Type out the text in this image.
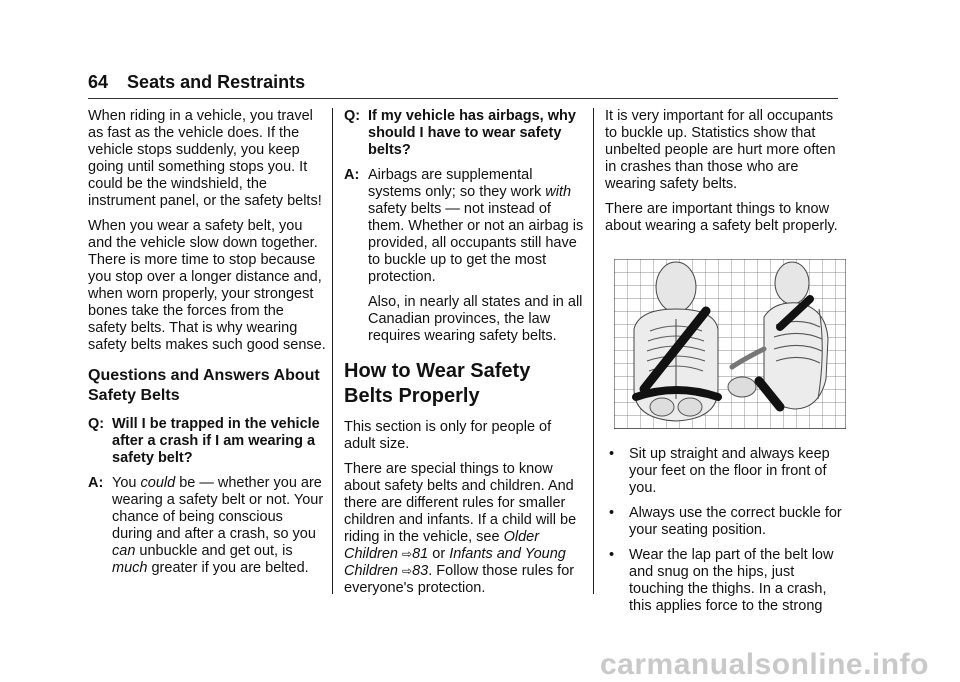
64 Seats and Restraints

When riding in a vehicle, you travel as fast as the vehicle does. If the vehicle stops suddenly, you keep going until something stops you. It could be the windshield, the instrument panel, or the safety belts!

When you wear a safety belt, you and the vehicle slow down together. There is more time to stop because you stop over a longer distance and, when worn properly, your strongest bones take the forces from the safety belts. That is why wearing safety belts makes such good sense.

Questions and Answers About Safety Belts
Q: Will I be trapped in the vehicle after a crash if I am wearing a safety belt?
A: You could be — whether you are wearing a safety belt or not. Your chance of being conscious during and after a crash, so you can unbuckle and get out, is much greater if you are belted.
Q: If my vehicle has airbags, why should I have to wear safety belts?
A: Airbags are supplemental systems only; so they work with safety belts — not instead of them. Whether or not an airbag is provided, all occupants still have to buckle up to get the most protection.

Also, in nearly all states and in all Canadian provinces, the law requires wearing safety belts.

How to Wear Safety Belts Properly

This section is only for people of adult size.

There are special things to know about safety belts and children. And there are different rules for smaller children and infants. If a child will be riding in the vehicle, see Older Children ⇨81 or Infants and Young Children ⇨83. Follow those rules for everyone's protection.

It is very important for all occupants to buckle up. Statistics show that unbelted people are hurt more often in crashes than those who are wearing safety belts.

There are important things to know about wearing a safety belt properly.

• Sit up straight and always keep your feet on the floor in front of you.
• Always use the correct buckle for your seating position.
• Wear the lap part of the belt low and snug on the hips, just touching the thighs. In a crash, this applies force to the strong
carmanualsonline.info
